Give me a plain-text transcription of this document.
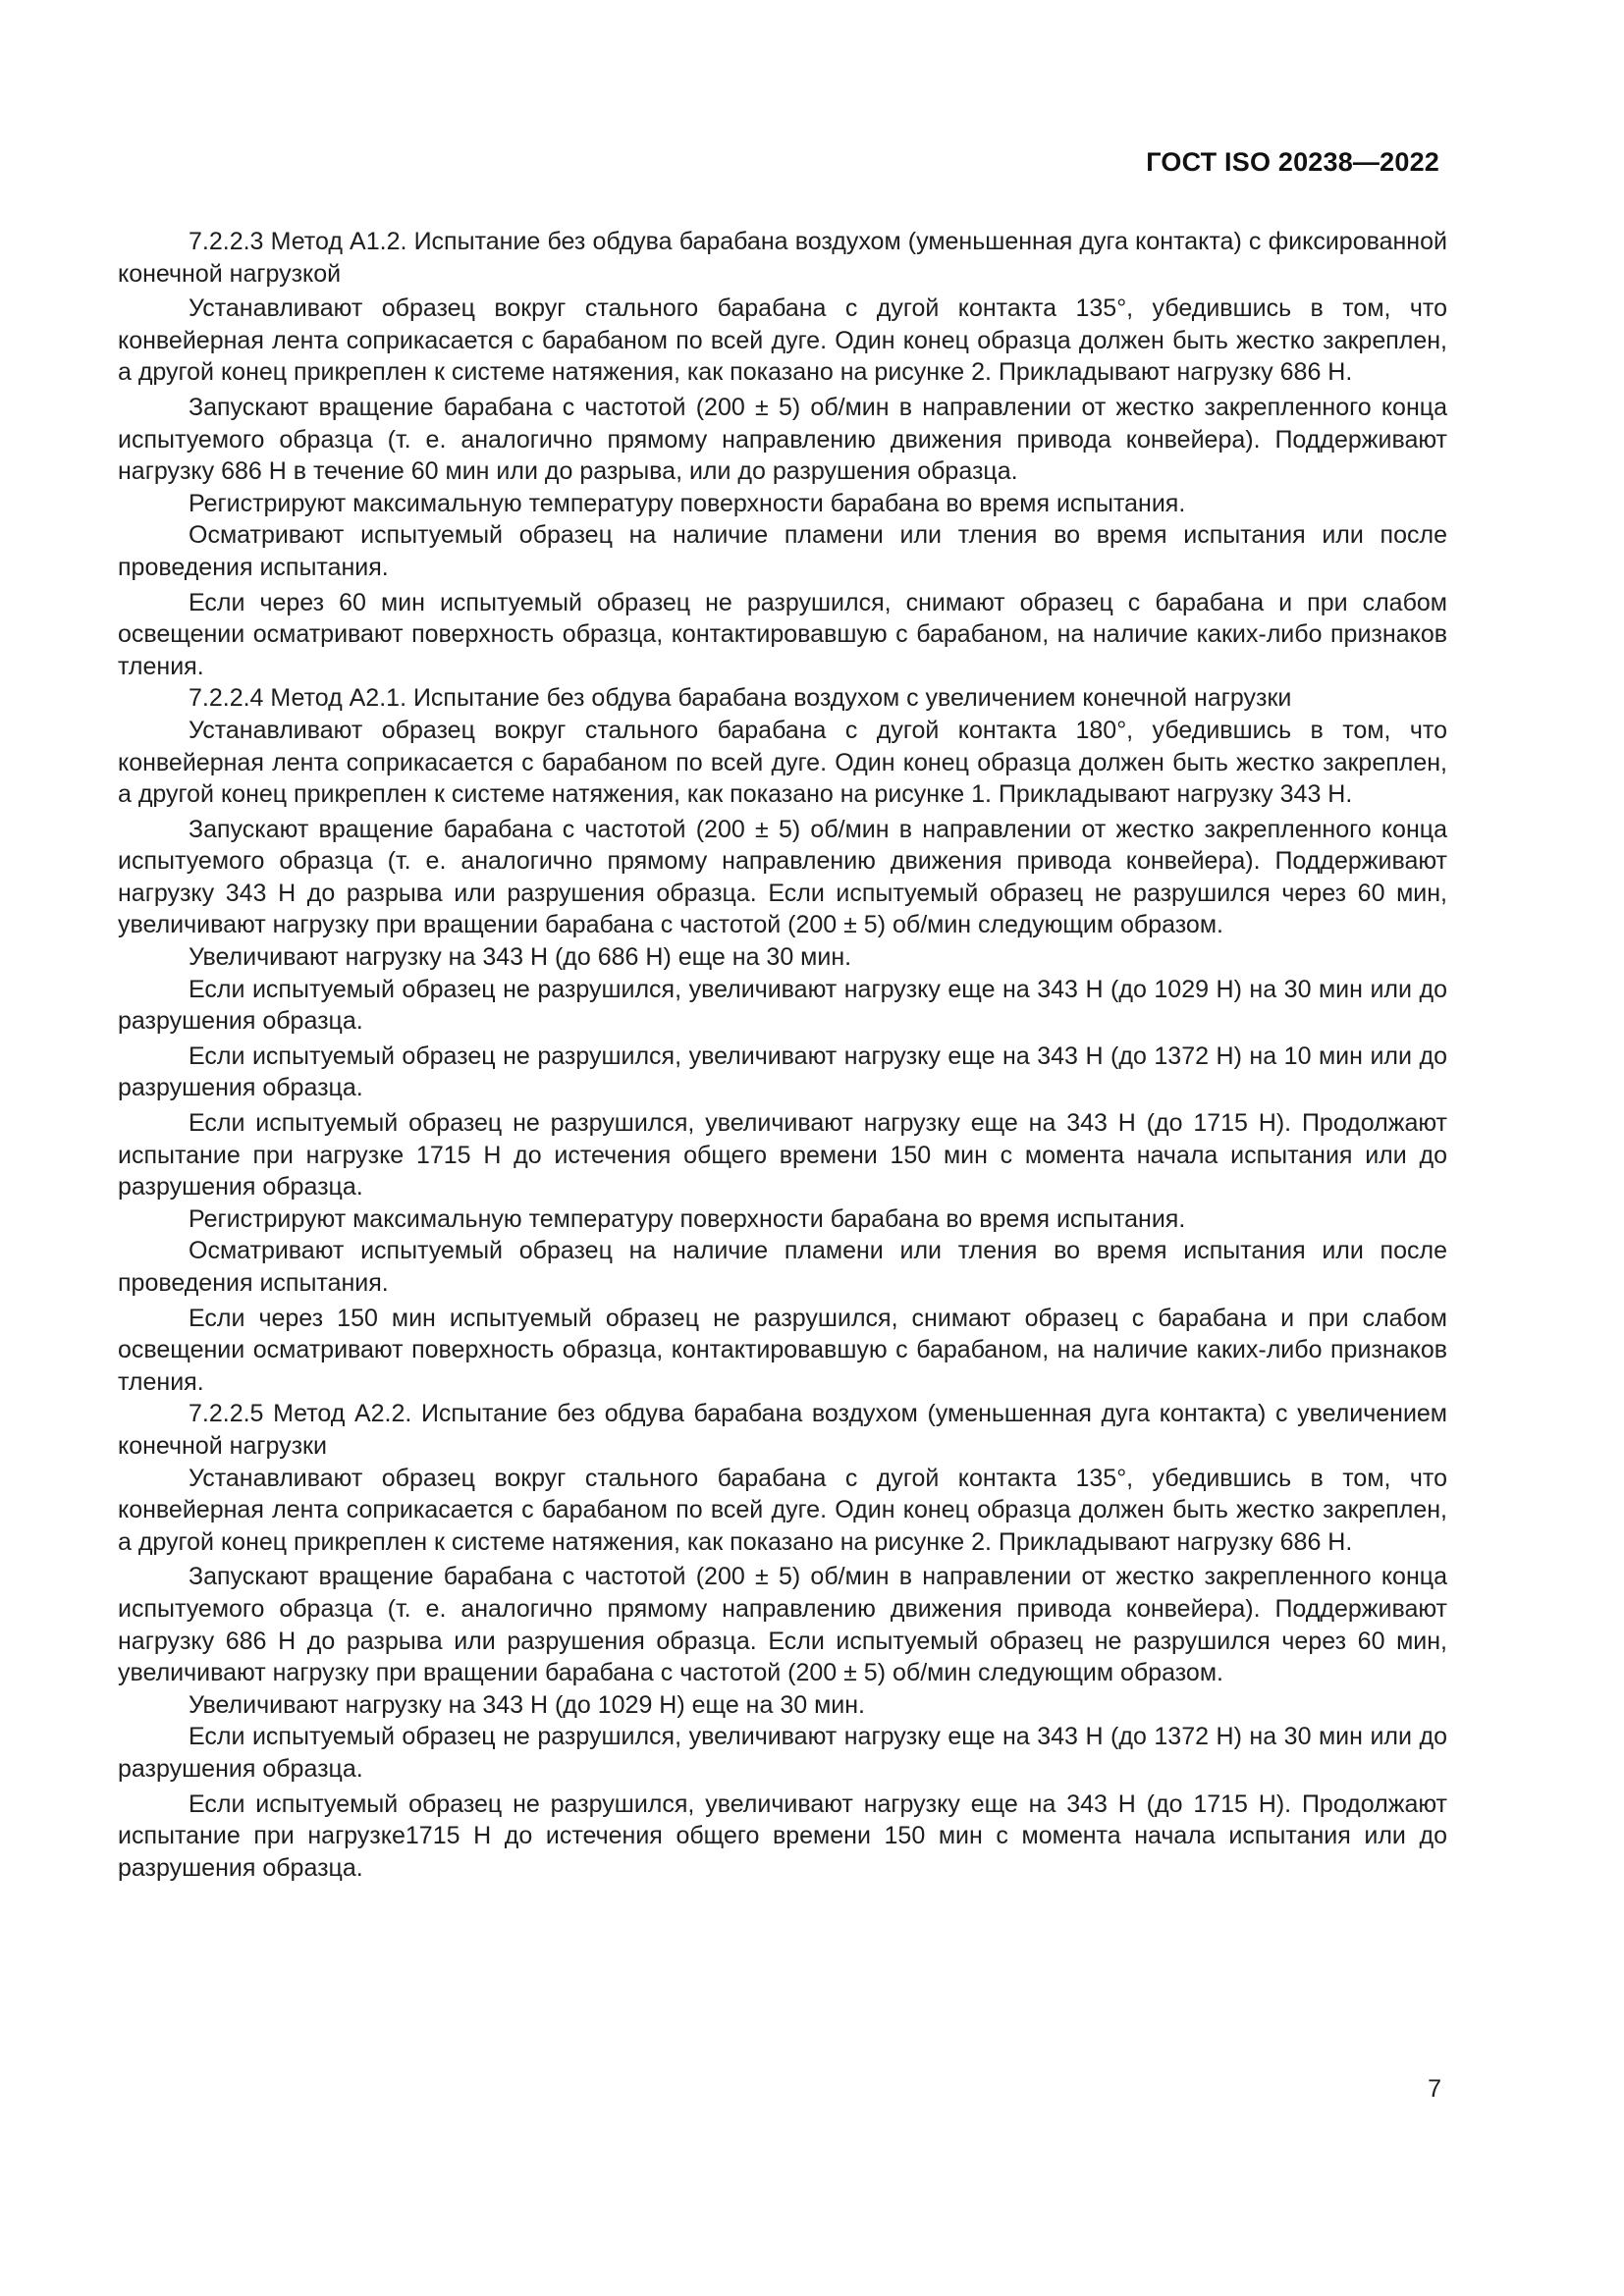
ГОСТ ISO 20238—2022

7.2.2.3 Метод А1.2. Испытание без обдува барабана воздухом (уменьшенная дуга контакта) с фиксированной конечной нагрузкой

Устанавливают образец вокруг стального барабана с дугой контакта 135°, убедившись в том, что конвейерная лента соприкасается с барабаном по всей дуге. Один конец образца должен быть жестко закреплен, а другой конец прикреплен к системе натяжения, как показано на рисунке 2. Прикладывают нагрузку 686 Н.

Запускают вращение барабана с частотой (200 ± 5) об/мин в направлении от жестко закрепленного конца испытуемого образца (т. е. аналогично прямому направлению движения привода конвейера). Поддерживают нагрузку 686 Н в течение 60 мин или до разрыва, или до разрушения образца.

Регистрируют максимальную температуру поверхности барабана во время испытания.

Осматривают испытуемый образец на наличие пламени или тления во время испытания или после проведения испытания.

Если через 60 мин испытуемый образец не разрушился, снимают образец с барабана и при слабом освещении осматривают поверхность образца, контактировавшую с барабаном, на наличие каких-либо признаков тления.

7.2.2.4 Метод А2.1. Испытание без обдува барабана воздухом с увеличением конечной нагрузки

Устанавливают образец вокруг стального барабана с дугой контакта 180°, убедившись в том, что конвейерная лента соприкасается с барабаном по всей дуге. Один конец образца должен быть жестко закреплен, а другой конец прикреплен к системе натяжения, как показано на рисунке 1. Прикладывают нагрузку 343 Н.

Запускают вращение барабана с частотой (200 ± 5) об/мин в направлении от жестко закрепленного конца испытуемого образца (т. е. аналогично прямому направлению движения привода конвейера). Поддерживают нагрузку 343 Н до разрыва или разрушения образца. Если испытуемый образец не разрушился через 60 мин, увеличивают нагрузку при вращении барабана с частотой (200 ± 5) об/мин следующим образом.

Увеличивают нагрузку на 343 Н (до 686 Н) еще на 30 мин.

Если испытуемый образец не разрушился, увеличивают нагрузку еще на 343 Н (до 1029 Н) на 30 мин или до разрушения образца.

Если испытуемый образец не разрушился, увеличивают нагрузку еще на 343 Н (до 1372 Н) на 10 мин или до разрушения образца.

Если испытуемый образец не разрушился, увеличивают нагрузку еще на 343 Н (до 1715 Н). Продолжают испытание при нагрузке 1715 Н до истечения общего времени 150 мин с момента начала испытания или до разрушения образца.

Регистрируют максимальную температуру поверхности барабана во время испытания.

Осматривают испытуемый образец на наличие пламени или тления во время испытания или после проведения испытания.

Если через 150 мин испытуемый образец не разрушился, снимают образец с барабана и при слабом освещении осматривают поверхность образца, контактировавшую с барабаном, на наличие каких-либо признаков тления.

7.2.2.5 Метод А2.2. Испытание без обдува барабана воздухом (уменьшенная дуга контакта) с увеличением конечной нагрузки

Устанавливают образец вокруг стального барабана с дугой контакта 135°, убедившись в том, что конвейерная лента соприкасается с барабаном по всей дуге. Один конец образца должен быть жестко закреплен, а другой конец прикреплен к системе натяжения, как показано на рисунке 2. Прикладывают нагрузку 686 Н.

Запускают вращение барабана с частотой (200 ± 5) об/мин в направлении от жестко закрепленного конца испытуемого образца (т. е. аналогично прямому направлению движения привода конвейера). Поддерживают нагрузку 686 Н до разрыва или разрушения образца. Если испытуемый образец не разрушился через 60 мин, увеличивают нагрузку при вращении барабана с частотой (200 ± 5) об/мин следующим образом.

Увеличивают нагрузку на 343 Н (до 1029 Н) еще на 30 мин.

Если испытуемый образец не разрушился, увеличивают нагрузку еще на 343 Н (до 1372 Н) на 30 мин или до разрушения образца.

Если испытуемый образец не разрушился, увеличивают нагрузку еще на 343 Н (до 1715 Н). Продолжают испытание при нагрузке1715 Н до истечения общего времени 150 мин с момента начала испытания или до разрушения образца.

7
